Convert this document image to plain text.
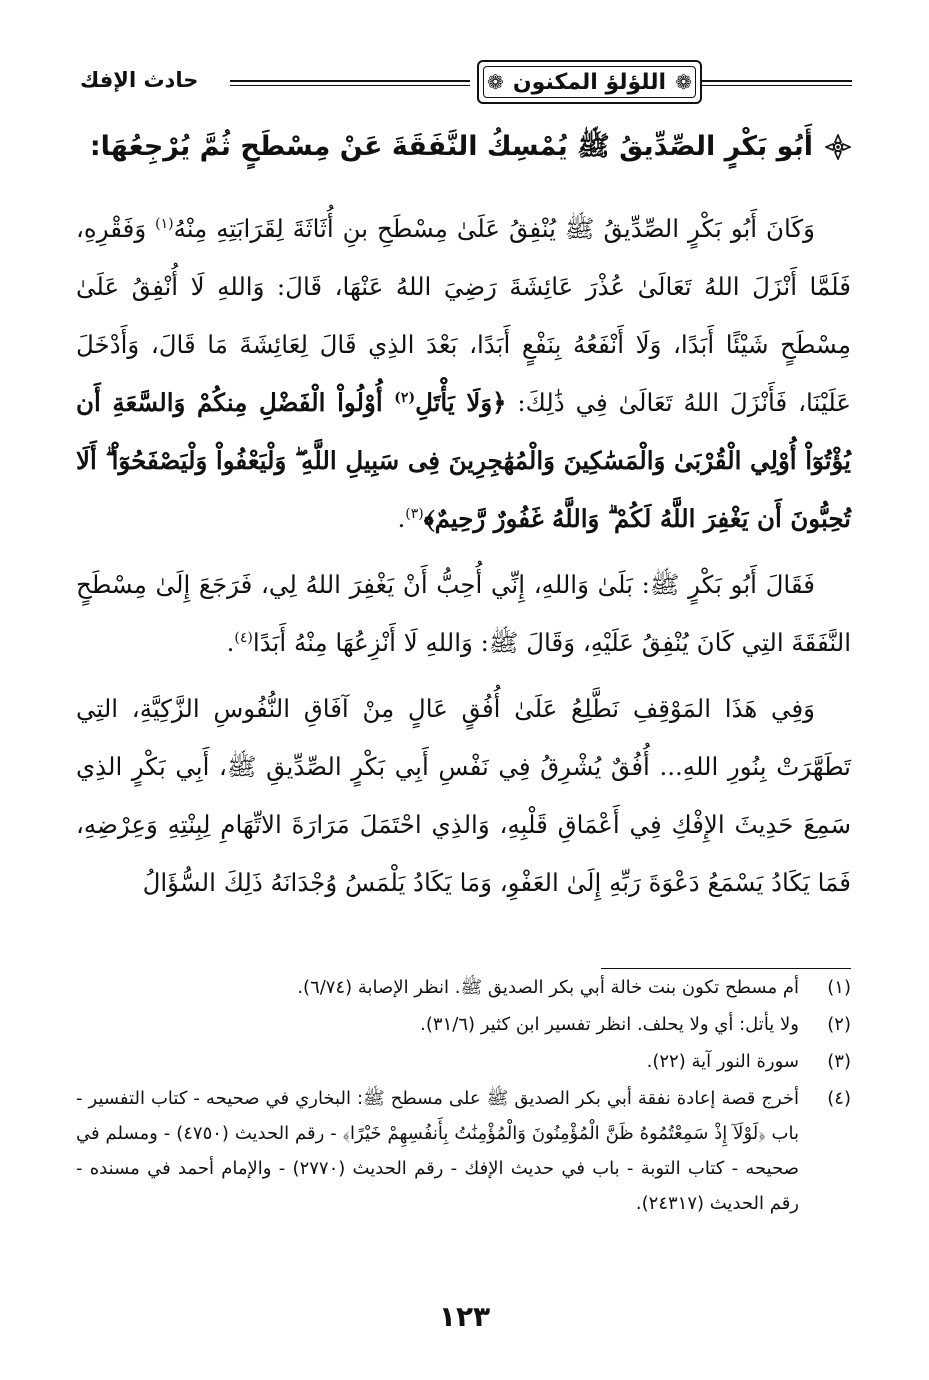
❁
اللؤلؤ المكنون
❁
حادث الإفك
أَبُو بَكْرٍ الصِّدِّيقُ ﷺ يُمْسِكُ النَّفَقَةَ عَنْ مِسْطَحٍ ثُمَّ يُرْجِعُهَا:

وَكَانَ أَبُو بَكْرٍ الصِّدِّيقُ ﷺ يُنْفِقُ عَلَىٰ مِسْطَحِ بنِ أُثَاثَةَ لِقَرَابَتِهِ مِنْهُ$^{(١)}$ وَفَقْرِهِ، فَلَمَّا أَنْزَلَ اللهُ تَعَالَىٰ عُذْرَ عَائِشَةَ رَضِيَ اللهُ عَنْهَا، قَالَ: وَاللهِ لَا أُنْفِقُ عَلَىٰ مِسْطَحٍ شَيْئًا أَبَدًا، وَلَا أَنْفَعُهُ بِنَفْعٍ أَبَدًا، بَعْدَ الذِي قَالَ لِعَائِشَةَ مَا قَالَ، وَأَدْخَلَ عَلَيْنَا، فَأَنْزَلَ اللهُ تَعَالَىٰ فِي ذَٰلِكَ: ﴿وَلَا يَأْتَلِ$^{(٢)}$ أُوْلُواْ الْفَضْلِ مِنكُمْ وَالسَّعَةِ أَن يُؤْتُوٓاْ أُوْلِي الْقُرْبَىٰ وَالْمَسَٰكِينَ وَالْمُهَٰجِرِينَ فِى سَبِيلِ اللَّهِ ۖ وَلْيَعْفُواْ وَلْيَصْفَحُوٓاْ ۗ أَلَا تُحِبُّونَ أَن يَغْفِرَ اللَّهُ لَكُمْ ۗ وَاللَّهُ غَفُورٌ رَّحِيمٌ﴾$^{(٣)}$.

فَقَالَ أَبُو بَكْرٍ ﷺ: بَلَىٰ وَاللهِ، إِنِّي أُحِبُّ أَنْ يَغْفِرَ اللهُ لِي، فَرَجَعَ إِلَىٰ مِسْطَحٍ النَّفَقَةَ التِي كَانَ يُنْفِقُ عَلَيْهِ، وَقَالَ ﷺ: وَاللهِ لَا أَنْزِعُهَا مِنْهُ أَبَدًا$^{(٤)}$.

وَفِي هَذَا المَوْقِفِ نَطَّلِعُ عَلَىٰ أُفُقٍ عَالٍ مِنْ آفَاقِ النُّفُوسِ الزَّكِيَّةِ، التِي تَطَهَّرَتْ بِنُورِ اللهِ... أُفُقٌ يُشْرِقُ فِي نَفْسِ أَبِي بَكْرٍ الصِّدِّيقِ ﷺ، أَبِي بَكْرٍ الذِي سَمِعَ حَدِيثَ الإِفْكِ فِي أَعْمَاقِ قَلْبِهِ، وَالذِي احْتَمَلَ مَرَارَةَ الاتِّهَامِ لِبِنْتِهِ وَعِرْضِهِ، فَمَا يَكَادُ يَسْمَعُ دَعْوَةَ رَبِّهِ إِلَىٰ العَفْوِ، وَمَا يَكَادُ يَلْمَسُ وُجْدَانَهُ ذَلِكَ السُّؤَالُ

(١)
أم مسطح تكون بنت خالة أبي بكر الصديق ﷺ. انظر الإصابة (٦/٧٤).
(٢)
ولا يأتل: أي ولا يحلف. انظر تفسير ابن كثير (٣١/٦).
(٣)
سورة النور آية (٢٢).
(٤)
أخرج قصة إعادة نفقة أبي بكر الصديق ﷺ على مسطح ﷺ: البخاري في صحيحه - كتاب التفسير - باب ﴿لَوْلَآ إِذْ سَمِعْتُمُوهُ ظَنَّ الْمُؤْمِنُونَ وَالْمُؤْمِنَٰتُ بِأَنفُسِهِمْ خَيْرًا﴾ - رقم الحديث (٤٧٥٠) - ومسلم في صحيحه - كتاب التوبة - باب في حديث الإفك - رقم الحديث (٢٧٧٠) - والإمام أحمد في مسنده - رقم الحديث (٢٤٣١٧).
١٢٣
